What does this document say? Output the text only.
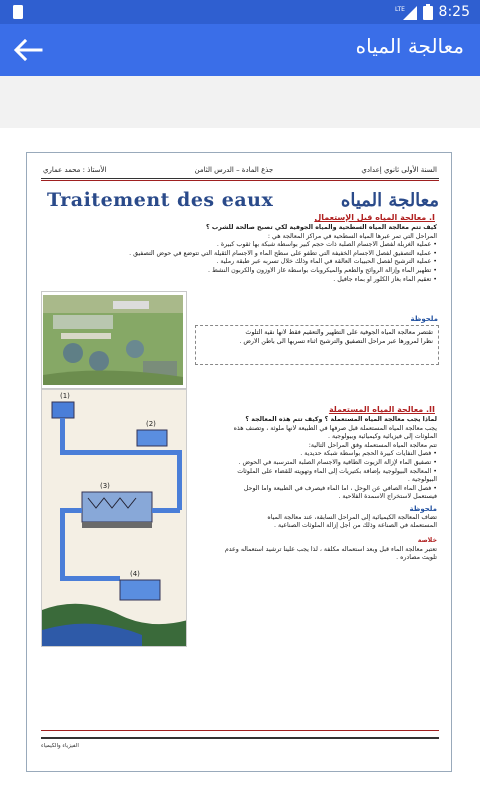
LTE 8:25
معالجة المياه
السنة الأولى ثانوي إعدادي
جذع المادة – الدرس الثامن
الأستاذ : محمد عماري
Traitement des eaux	معالجة المياه
I. معالجة المياه قبل الإستعمال
كيف تتم معالجة المياه السطحية والمياه الجوفية لكي تصبح صالحة للشرب ؟
المراحل التي تمر عبرها المياه السطحية في مراكز المعالجة هي :
• عملية الغربلة لفصل الأجسام الصلبة ذات حجم كبير بواسطة شبكة بها ثقوب كبيرة .
• عملية التصفيق لفصل الأجسام الخفيفة التي تطفو على سطح الماء و الأجسام الثقيلة التي تتوضع في حوض التصفيق .
• عملية الترشيح لفصل الحبيبات العالقة في الماء وذلك خلال تسربه عبر طبقة رملية .
• تطهير الماء وإزالة الروائح والطعم والميكروبات بواسطة غاز الأوزون والكربون النشط .
• تعقيم الماء بغاز الكلور أو بماء جافيل .
ملحوظة
تقتصر معالجة المياه الجوفية على التطهير والتعقيم فقط لأنها نقية التلوث
نظرا لمرورها عبر مراحل التصفيق والترشيح أثناء تسربها الى باطن الأرض .
(1)
(2)
(3)
(4)
II. معالجة المياه المستعملة
لماذا يجب معالجة المياه المستعملة ؟ وكيف تتم هذه المعالجة ؟
يجب معالجة المياه المستعملة قبل صرفها في الطبيعة لأنها ملوثة ، وتصنف هذه
الملوثات إلى فيزيائية وكيميائية وبيولوجية .
تتم معالجة المياه المستعملة وفق المراحل التالية:
• فصل النفايات كبيرة الحجم بواسطة شبكة حديدية .
• تصفيق الماء لإزالة الزيوت الطافية والأجسام الصلبة المترسبة في الحوض .
• المعالجة البيولوجية بإضافة بكتيريات إلى الماء وتهويته للقضاء على الملوثات
البيولوجية .
• فصل الماء الصافي عن الوحل ، أما الماء فيصرف في الطبيعة وأما الوحل
فيستعمل لاستخراج الأسمدة الفلاحية .
ملحوظة
تضاف المعالجة الكيميائية إلى المراحل السابقة، عند معالجة المياه
المستعملة في الصناعة وذلك من أجل إزالة الملوثات الصناعية .
خلاصة
تعتبر معالجة الماء قبل وبعد استعماله مكلفة ، لذا يجب علينا ترشيد استعماله وعدم
تلويث مصادره .
الفيزياء والكيمياء
